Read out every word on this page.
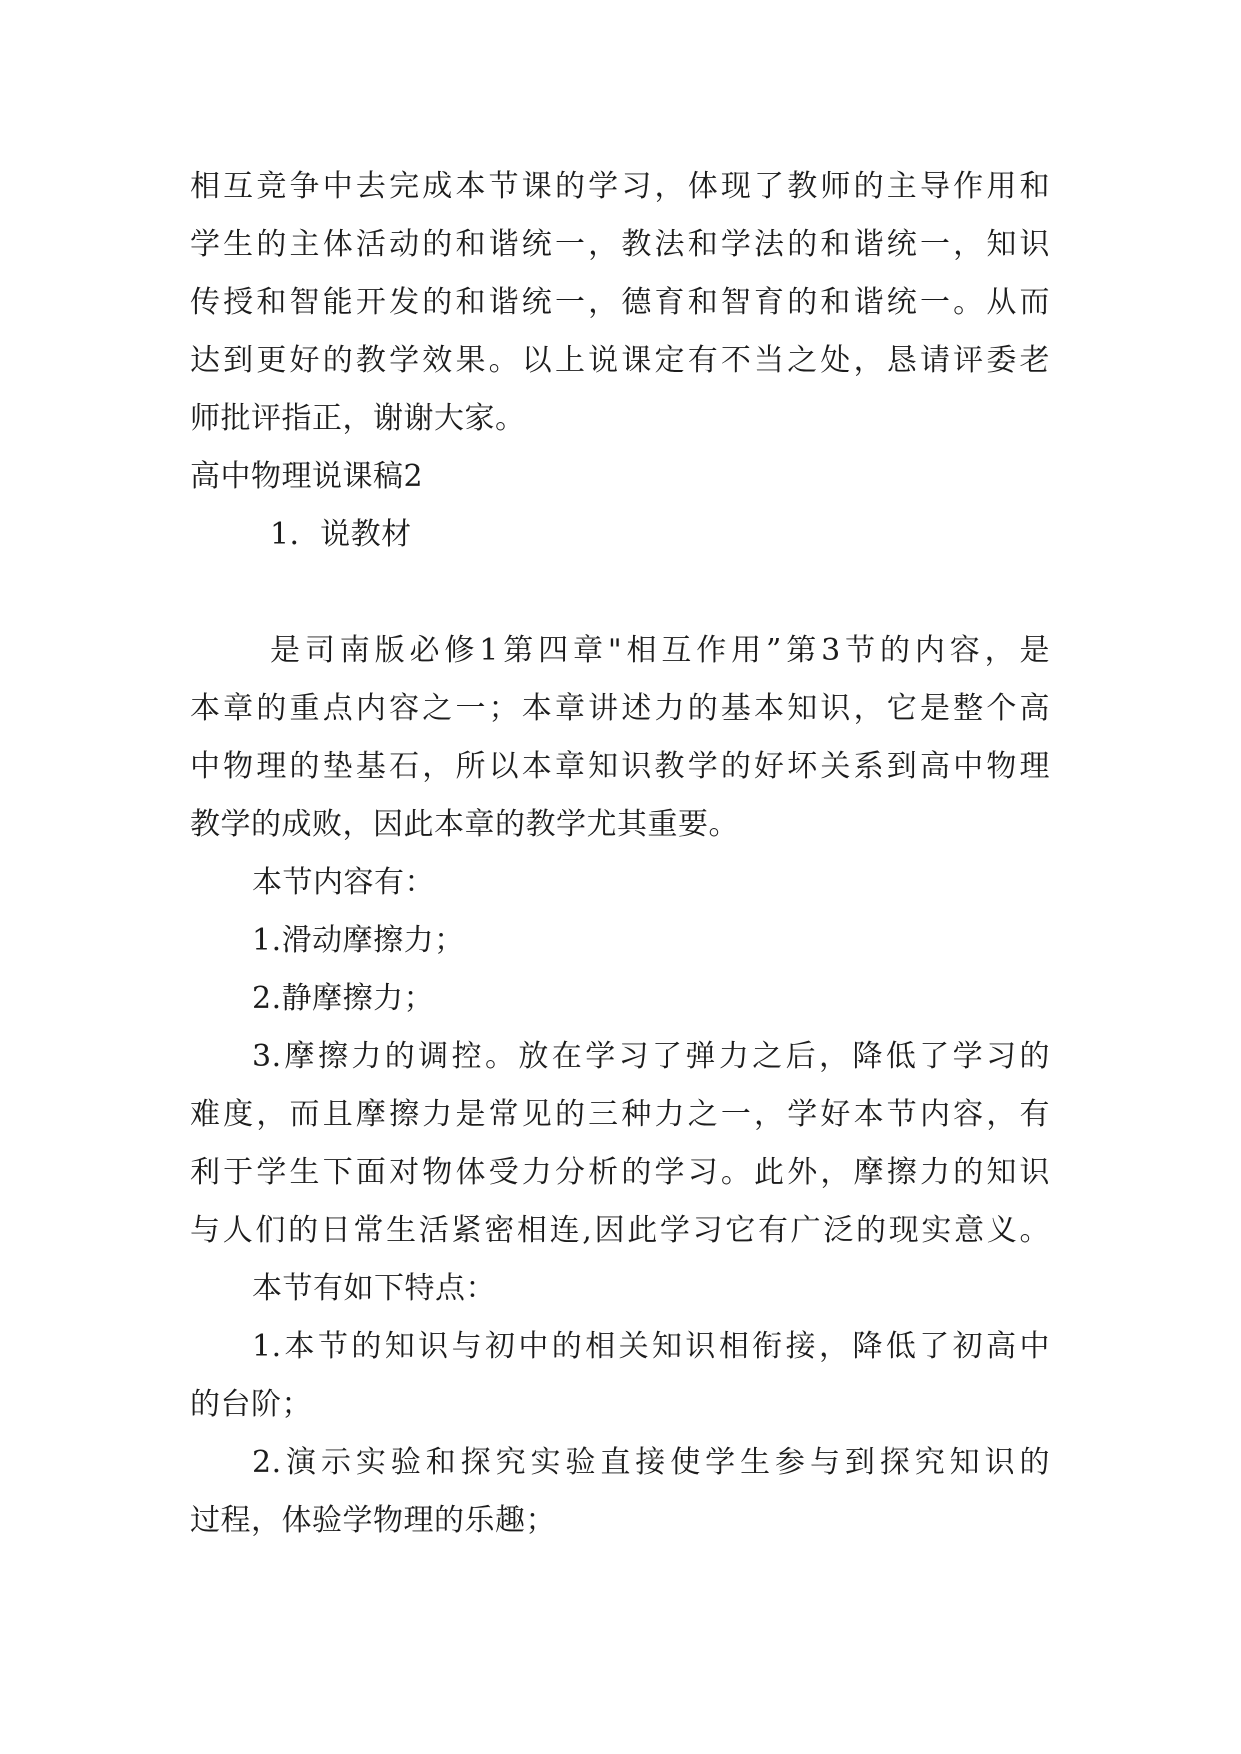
相互竞争中去完成本节课的学习，体现了教师的主导作用和
学生的主体活动的和谐统一，教法和学法的和谐统一，知识
传授和智能开发的和谐统一，德育和智育的和谐统一。从而
达到更好的教学效果。以上说课定有不当之处，恳请评委老
师批评指正，谢谢大家。
高中物理说课稿2
1．说教材
是司南版必修1第四章"相互作用”第3节的内容，是
本章的重点内容之一；本章讲述力的基本知识，它是整个高
中物理的垫基石，所以本章知识教学的好坏关系到高中物理
教学的成败，因此本章的教学尤其重要。
本节内容有：
1.滑动摩擦力；
2.静摩擦力；
3.摩擦力的调控。放在学习了弹力之后，降低了学习的
难度，而且摩擦力是常见的三种力之一，学好本节内容，有
利于学生下面对物体受力分析的学习。此外，摩擦力的知识
与人们的日常生活紧密相连,因此学习它有广泛的现实意义。
本节有如下特点：
1.本节的知识与初中的相关知识相衔接，降低了初高中
的台阶；
2.演示实验和探究实验直接使学生参与到探究知识的
过程，体验学物理的乐趣；
